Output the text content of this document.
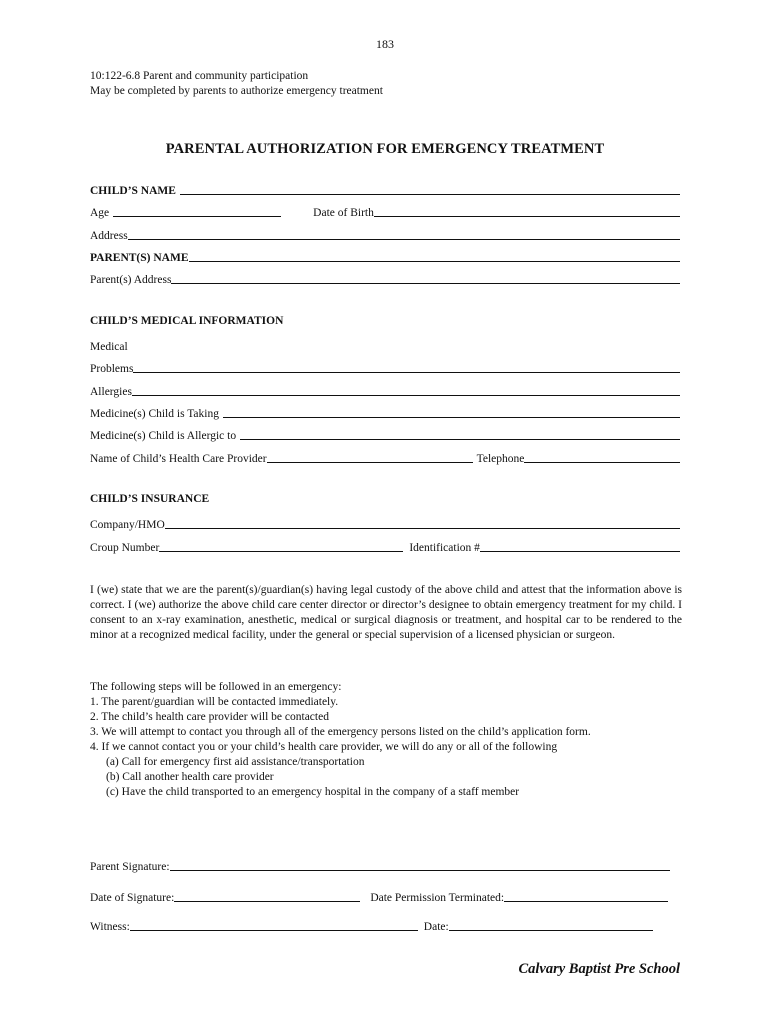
183
10:122-6.8 Parent and community participation
May be completed by parents to authorize emergency treatment
PARENTAL AUTHORIZATION FOR EMERGENCY TREATMENT
CHILD’S NAME
Age	Date of Birth
Address
PARENT(S) NAME
Parent(s) Address
CHILD’S MEDICAL INFORMATION
Medical
Problems
Allergies
Medicine(s) Child is Taking
Medicine(s) Child is Allergic to
Name of Child’s Health Care Provider	Telephone
CHILD’S INSURANCE
Company/HMO
Croup Number	Identification #
I (we) state that we are the parent(s)/guardian(s) having legal custody of the above child and attest that the information above is correct. I (we) authorize the above child care center director or director’s designee to obtain emergency treatment for my child. I consent to an x-ray examination, anesthetic, medical or surgical diagnosis or treatment, and hospital car to be rendered to the minor at a recognized medical facility, under the general or special supervision of a licensed physician or surgeon.
The following steps will be followed in an emergency:
1. The parent/guardian will be contacted immediately.
2. The child’s health care provider will be contacted
3. We will attempt to contact you through all of the emergency persons listed on the child’s application form.
4. If we cannot contact you or your child’s health care provider, we will do any or all of the following
(a) Call for emergency first aid assistance/transportation
(b) Call another health care provider
(c) Have the child transported to an emergency hospital in the company of a staff member
Parent Signature:
Date of Signature:	Date Permission Terminated:
Witness:	Date:
Calvary Baptist Pre School
